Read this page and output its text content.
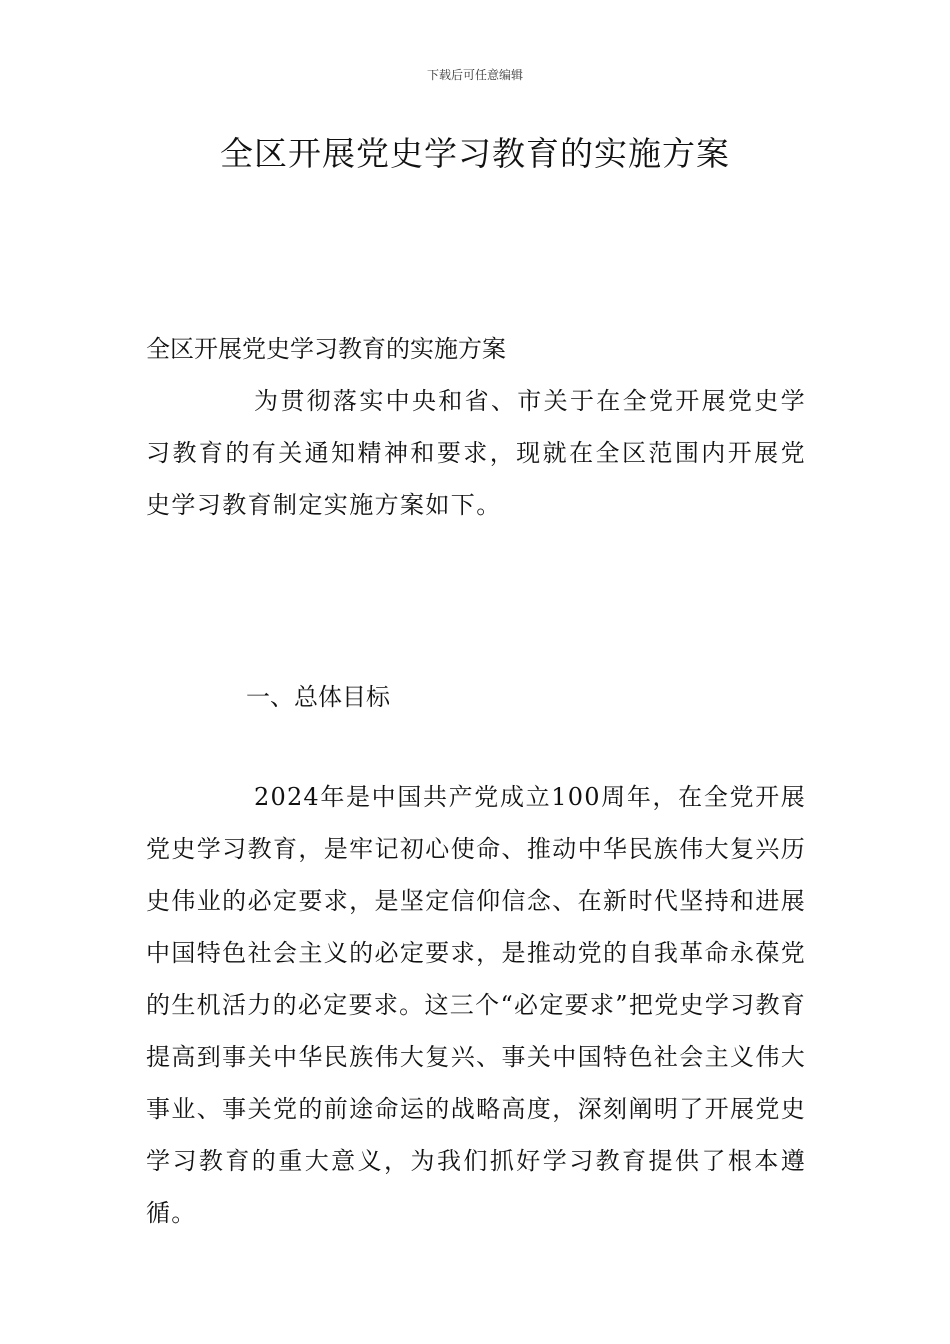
下载后可任意编辑
全区开展党史学习教育的实施方案

全区开展党史学习教育的实施方案

为贯彻落实中央和省、市关于在全党开展党史学习教育的有关通知精神和要求，现就在全区范围内开展党史学习教育制定实施方案如下。

一、总体目标

2024年是中国共产党成立100周年，在全党开展党史学习教育，是牢记初心使命、推动中华民族伟大复兴历史伟业的必定要求，是坚定信仰信念、在新时代坚持和进展中国特色社会主义的必定要求，是推动党的自我革命永葆党的生机活力的必定要求。这三个“必定要求”把党史学习教育提高到事关中华民族伟大复兴、事关中国特色社会主义伟大事业、事关党的前途命运的战略高度，深刻阐明了开展党史学习教育的重大意义，为我们抓好学习教育提供了根本遵循。
